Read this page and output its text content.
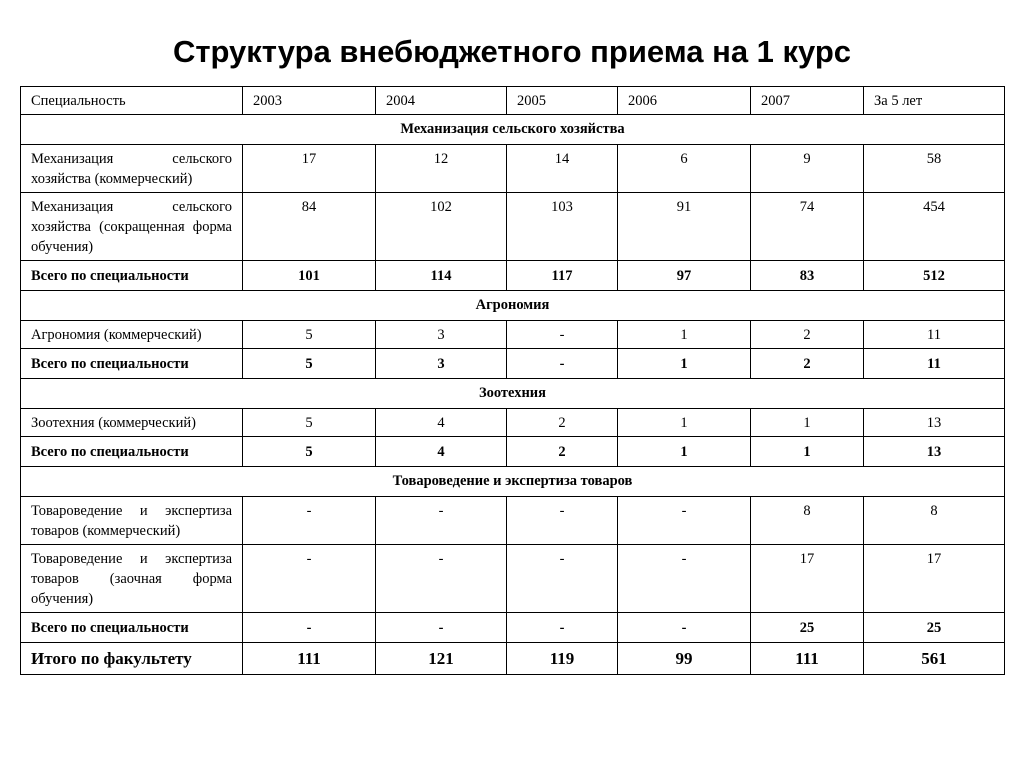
Структура внебюджетного приема на 1 курс
Специальность	2003	2004	2005	2006	2007	За 5 лет
Механизация сельского хозяйства						
Механизация сельского хозяйства (коммерческий)	17	12	14	6	9	58
Механизация сельского хозяйства (сокращенная форма обучения)	84	102	103	91	74	454
Всего по специальности	101	114	117	97	83	512
Агрономия						
Агрономия (коммерческий)	5	3	-	1	2	11
Всего по специальности	5	3	-	1	2	11
Зоотехния						
Зоотехния (коммерческий)	5	4	2	1	1	13
Всего по специальности	5	4	2	1	1	13
Товароведение и экспертиза товаров						
Товароведение и экспертиза товаров (коммерческий)	-	-	-	-	8	8
Товароведение и экспертиза товаров (заочная форма обучения)	-	-	-	-	17	17
Всего по специальности	-	-	-	-	25	25
Итого по факультету	111	121	119	99	111	561
